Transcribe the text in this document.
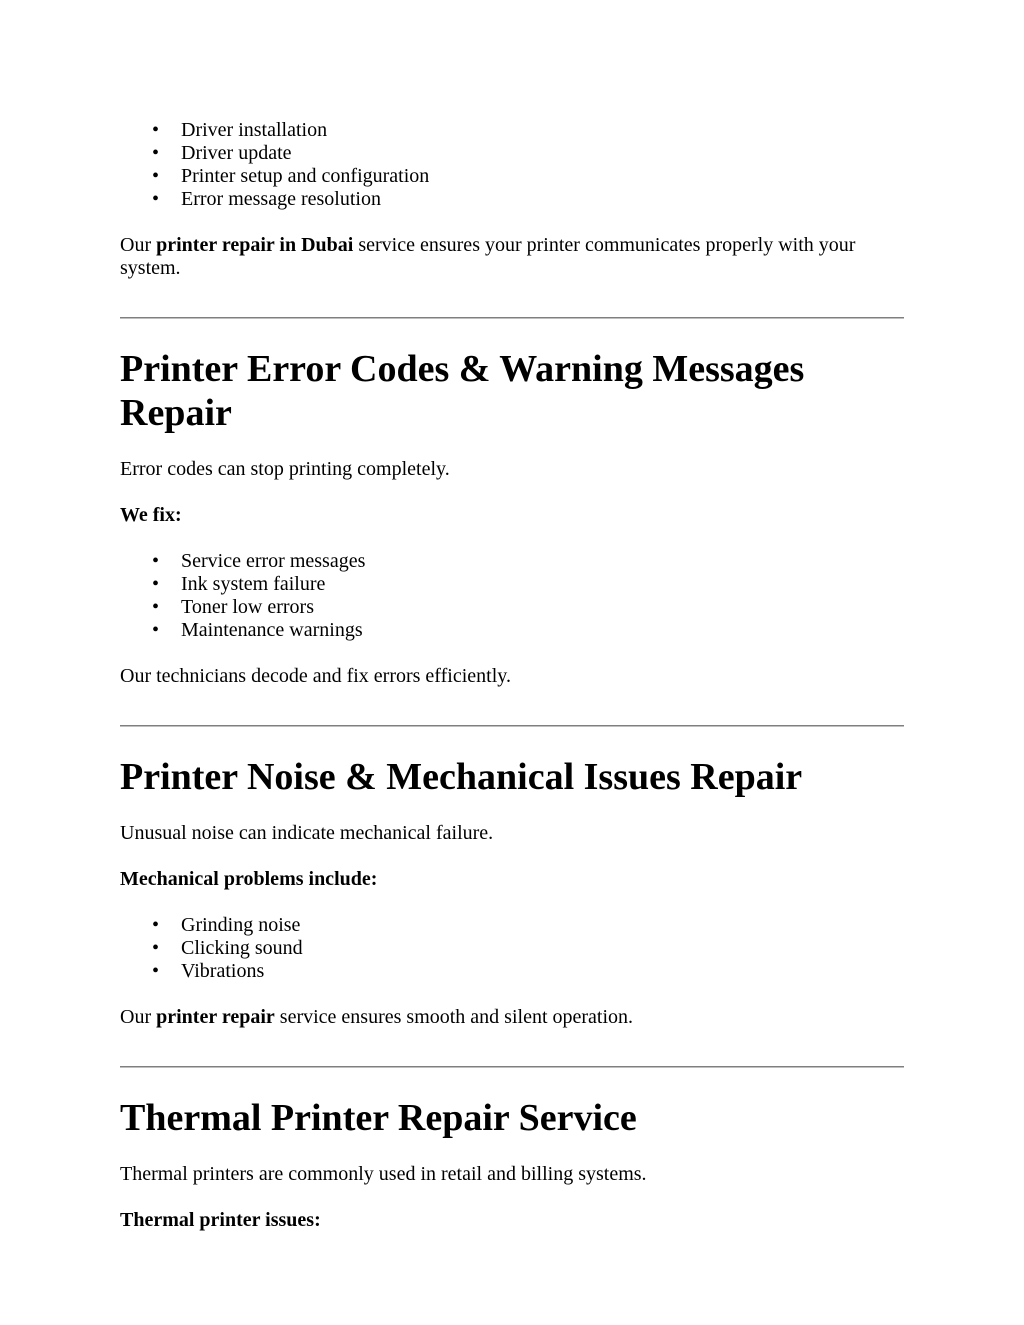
• Driver installation
• Driver update
• Printer setup and configuration
• Error message resolution

Our printer repair in Dubai service ensures your printer communicates properly with your system.

Printer Error Codes & Warning Messages Repair

Error codes can stop printing completely.

We fix:

• Service error messages
• Ink system failure
• Toner low errors
• Maintenance warnings

Our technicians decode and fix errors efficiently.

Printer Noise & Mechanical Issues Repair

Unusual noise can indicate mechanical failure.

Mechanical problems include:

• Grinding noise
• Clicking sound
• Vibrations

Our printer repair service ensures smooth and silent operation.

Thermal Printer Repair Service

Thermal printers are commonly used in retail and billing systems.

Thermal printer issues:
